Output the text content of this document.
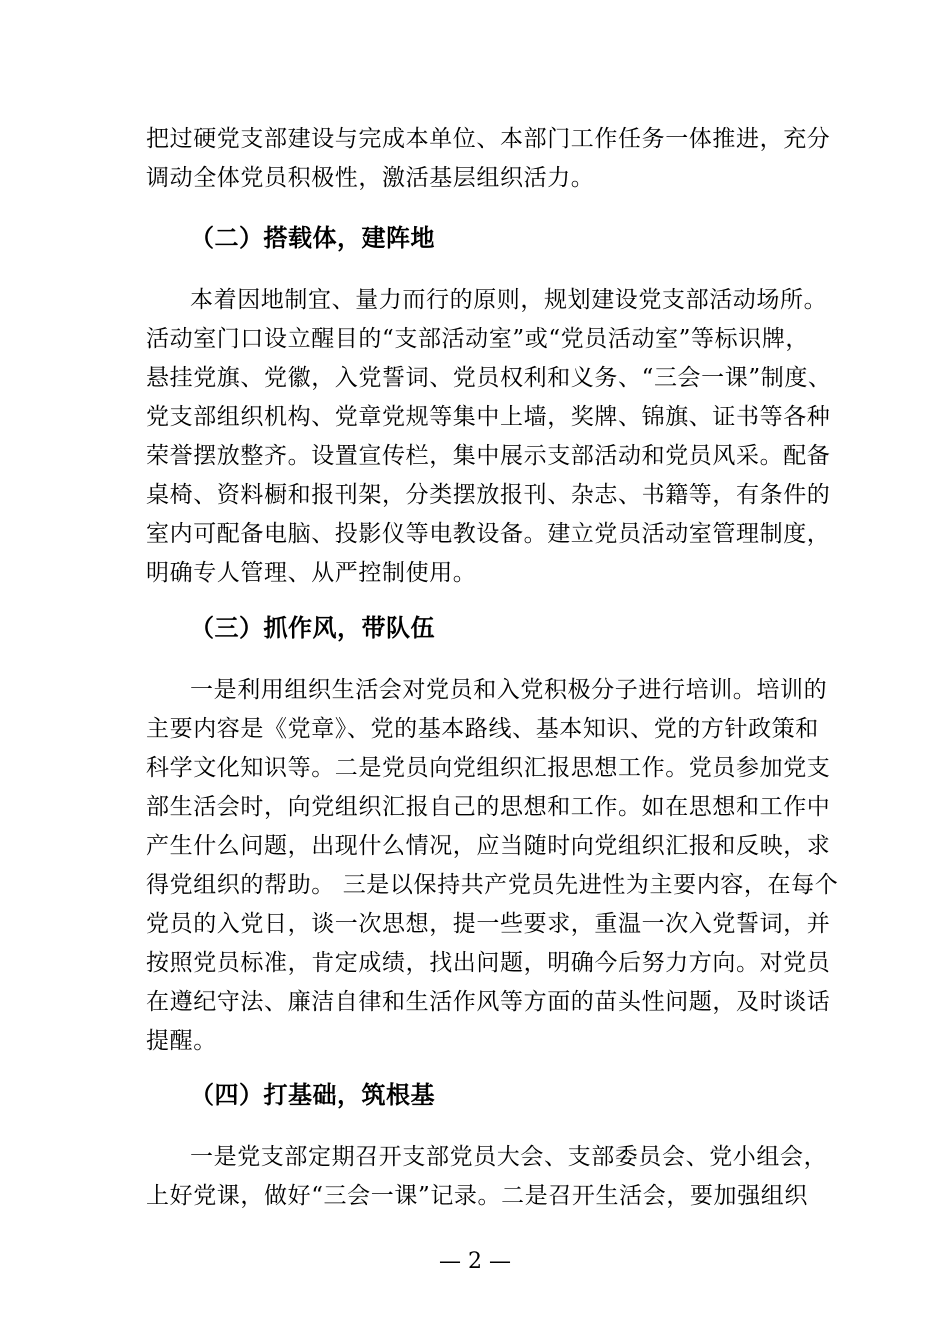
把过硬党支部建设与完成本单位、本部门工作任务一体推进，充分
调动全体党员积极性，激活基层组织活力。
（二）搭载体，建阵地
本着因地制宜、量力而行的原则，规划建设党支部活动场所。
活动室门口设立醒目的“支部活动室”或“党员活动室”等标识牌，
悬挂党旗、党徽，入党誓词、党员权利和义务、“三会一课”制度、
党支部组织机构、党章党规等集中上墙，奖牌、锦旗、证书等各种
荣誉摆放整齐。设置宣传栏，集中展示支部活动和党员风采。配备
桌椅、资料橱和报刊架，分类摆放报刊、杂志、书籍等，有条件的
室内可配备电脑、投影仪等电教设备。建立党员活动室管理制度，
明确专人管理、从严控制使用。
（三）抓作风，带队伍
一是利用组织生活会对党员和入党积极分子进行培训。培训的
主要内容是《党章》、党的基本路线、基本知识、党的方针政策和
科学文化知识等。二是党员向党组织汇报思想工作。党员参加党支
部生活会时，向党组织汇报自己的思想和工作。如在思想和工作中
产生什么问题，出现什么情况，应当随时向党组织汇报和反映，求
得党组织的帮助。 三是以保持共产党员先进性为主要内容，在每个
党员的入党日，谈一次思想，提一些要求，重温一次入党誓词，并
按照党员标准，肯定成绩，找出问题，明确今后努力方向。对党员
在遵纪守法、廉洁自律和生活作风等方面的苗头性问题，及时谈话
提醒。
（四）打基础，筑根基
一是党支部定期召开支部党员大会、支部委员会、党小组会，
上好党课，做好“三会一课”记录。二是召开生活会，要加强组织
— 2 —
